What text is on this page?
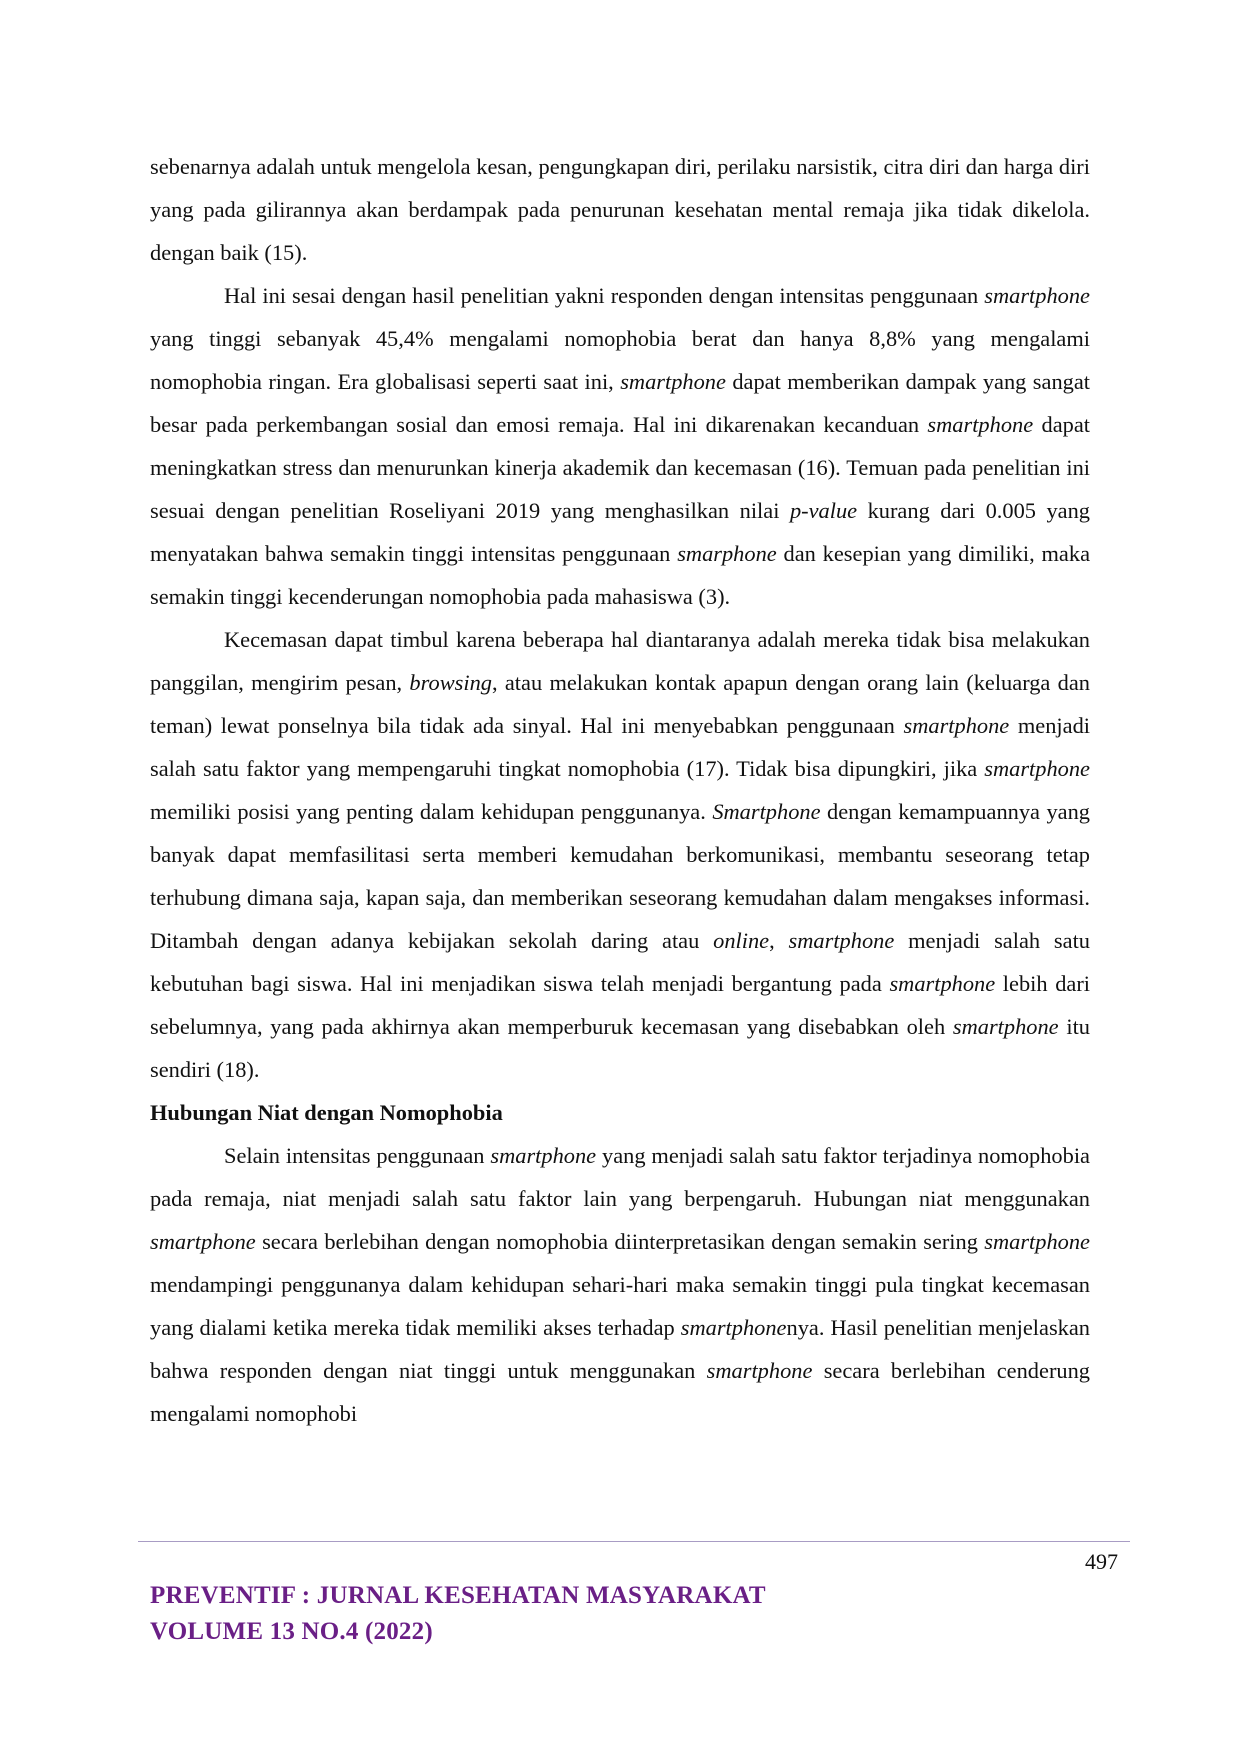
sebenarnya adalah untuk mengelola kesan, pengungkapan diri, perilaku narsistik, citra diri dan harga diri yang pada gilirannya akan berdampak pada penurunan kesehatan mental remaja jika tidak dikelola. dengan baik (15).

Hal ini sesai dengan hasil penelitian yakni responden dengan intensitas penggunaan smartphone yang tinggi sebanyak 45,4% mengalami nomophobia berat dan hanya 8,8% yang mengalami nomophobia ringan. Era globalisasi seperti saat ini, smartphone dapat memberikan dampak yang sangat besar pada perkembangan sosial dan emosi remaja. Hal ini dikarenakan kecanduan smartphone dapat meningkatkan stress dan menurunkan kinerja akademik dan kecemasan (16). Temuan pada penelitian ini sesuai dengan penelitian Roseliyani 2019 yang menghasilkan nilai p-value kurang dari 0.005 yang menyatakan bahwa semakin tinggi intensitas penggunaan smarphone dan kesepian yang dimiliki, maka semakin tinggi kecenderungan nomophobia pada mahasiswa (3).

Kecemasan dapat timbul karena beberapa hal diantaranya adalah mereka tidak bisa melakukan panggilan, mengirim pesan, browsing, atau melakukan kontak apapun dengan orang lain (keluarga dan teman) lewat ponselnya bila tidak ada sinyal. Hal ini menyebabkan penggunaan smartphone menjadi salah satu faktor yang mempengaruhi tingkat nomophobia (17). Tidak bisa dipungkiri, jika smartphone memiliki posisi yang penting dalam kehidupan penggunanya. Smartphone dengan kemampuannya yang banyak dapat memfasilitasi serta memberi kemudahan berkomunikasi, membantu seseorang tetap terhubung dimana saja, kapan saja, dan memberikan seseorang kemudahan dalam mengakses informasi. Ditambah dengan adanya kebijakan sekolah daring atau online, smartphone menjadi salah satu kebutuhan bagi siswa. Hal ini menjadikan siswa telah menjadi bergantung pada smartphone lebih dari sebelumnya, yang pada akhirnya akan memperburuk kecemasan yang disebabkan oleh smartphone itu sendiri (18).

Hubungan Niat dengan Nomophobia

Selain intensitas penggunaan smartphone yang menjadi salah satu faktor terjadinya nomophobia pada remaja, niat menjadi salah satu faktor lain yang berpengaruh. Hubungan niat menggunakan smartphone secara berlebihan dengan nomophobia diinterpretasikan dengan semakin sering smartphone mendampingi penggunanya dalam kehidupan sehari-hari maka semakin tinggi pula tingkat kecemasan yang dialami ketika mereka tidak memiliki akses terhadap smartphonenya. Hasil penelitian menjelaskan bahwa responden dengan niat tinggi untuk menggunakan smartphone secara berlebihan cenderung mengalami nomophobi

497
PREVENTIF : JURNAL KESEHATAN MASYARAKAT
VOLUME 13 NO.4 (2022)
